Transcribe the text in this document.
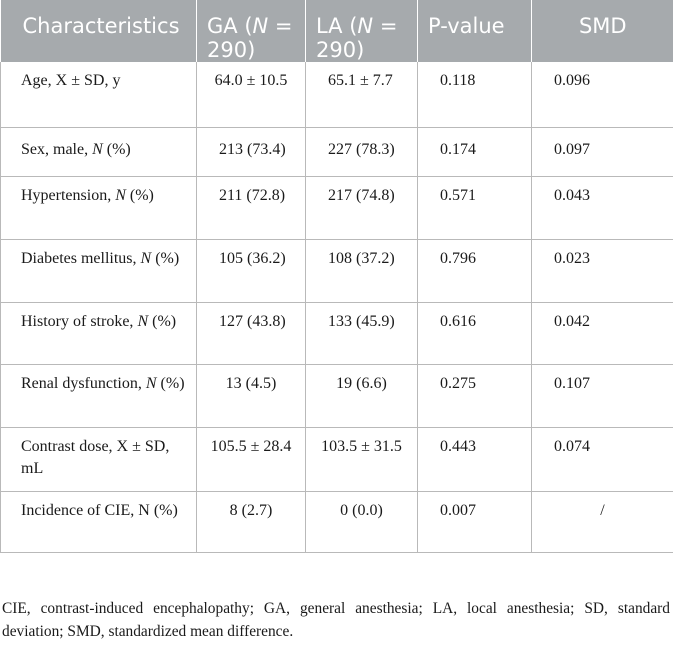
Characteristics	GA (N = 290)	LA (N = 290)	P-value	SMD
Age, X ± SD, y	64.0 ± 10.5	65.1 ± 7.7	0.118	0.096
Sex, male, N (%)	213 (73.4)	227 (78.3)	0.174	0.097
Hypertension, N (%)	211 (72.8)	217 (74.8)	0.571	0.043
Diabetes mellitus, N (%)	105 (36.2)	108 (37.2)	0.796	0.023
History of stroke, N (%)	127 (43.8)	133 (45.9)	0.616	0.042
Renal dysfunction, N (%)	13 (4.5)	19 (6.6)	0.275	0.107
Contrast dose, X ± SD, mL	105.5 ± 28.4	103.5 ± 31.5	0.443	0.074
Incidence of CIE, N (%)	8 (2.7)	0 (0.0)	0.007	/
CIE, contrast-induced encephalopathy; GA, general anesthesia; LA, local anesthesia; SD, standard deviation; SMD, standardized mean difference.
